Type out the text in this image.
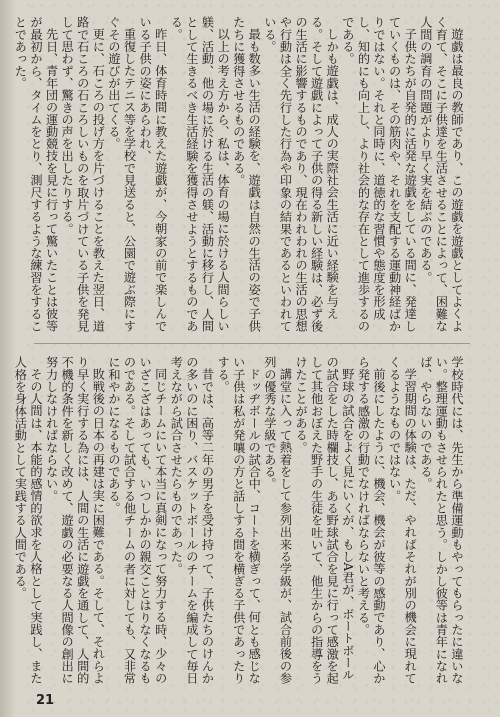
遊戯は最良の教師であり、この遊戯を遊戯としてよくよく育て、そこに子供達を生活させることによって、困難な人間の調育の問題がより早く実を結ぶのである。

子供たちが自発的に活発な遊戯をしている間に、発達していくものは、その筋肉や、それを支配する運動神経ばかりではない。それと同時に、道徳的な習慣や態度を形成し、知的にも向上し、より社会的な存在として進歩するのである。

しかも遊戯は、成人の実際社会生活に近い経験を与える。そして遊戯によって子供の得る新しい経験は、必ず後の生活に影響するものであり、現在われわれの生活の思想や行動は全く先行した行為や印象の結果であるといわれている。

最も数多い生活の経験を、遊戯は自然の生活の姿で子供たちに獲得させるものである。

以上の考え方から、私は、体育の場に於ける人間らしい躾、活動、他の場に於ける生活の躾、活動に移行し、人間として生きるべき生活経験を獲得させようとするものである。

昨日、体育時間に教えた遊戯が、今朝家の前で楽しんでいる子供の姿にあらわれ、

重復したテニス等を学校で見送ると、公園で遊ぶ際にすぐその遊びが出てくる。

更に、石ころの投げ方を片づけることを教えた翌日、道路で石ころの石ころしいものを取片づけている子供を発見して思わず、驚きの声を出したりする。

先日、青年団の運動競技を見に行って驚いたことは彼等が最初から、タイムをとり、測尺するような練習をすることであった。

学校時代には、先生から準備運動もやってもらったに違いない。整理運動もさせられたと思う。しかし彼等は青年になれば、やらないのである。

学習期間の体験は、ただ、やればそれが別の機会に現れてくるようなものではない。

前後にしたように、機会、機会が彼等の感動であり、心から発する感激の行動でなければならないと考える。

野球の試合をよく見にいくが、もしA君が、ボートボールの試合をした時欄技し、ある野球試合を見に行って感激を起して其他おぼえた野手の生徒を吐いて、他生からの指導をうけたことがある。

講堂に入って熱着をして参列出来る学級が、試合前後の参列の優秀な学級である。

ドッヂボールの試合中、コートを横ぎって、何とも感じない子供は私が発嚷の方と話しする間を横ぎる子供であったりする。

昔では、高等二年の男子を受け持って、子供たちのけんかの多いのに困り、バスケットボールのチームを編成して毎日考えながら試合させたらものであった。

同じチームにいて本当に真剣になって努力する時、少々のいざこざはあっても、いつしかかの親交ことはりなくなるものである。そして試合する他チームの者に対しても、又非常に和やかになるものである。

敗戦後の日本の再建は実に困難である。そして、それらより早く実行する為には、人間の生活に遊戯を通して、人間的不機的条件を新しく改めて、遊戯の必要なる人間像の創出に努力しなければならない。

その人間は、本能的感情的欲求を人格として実践し、また人格を身体活動として実践する人間である。

21
